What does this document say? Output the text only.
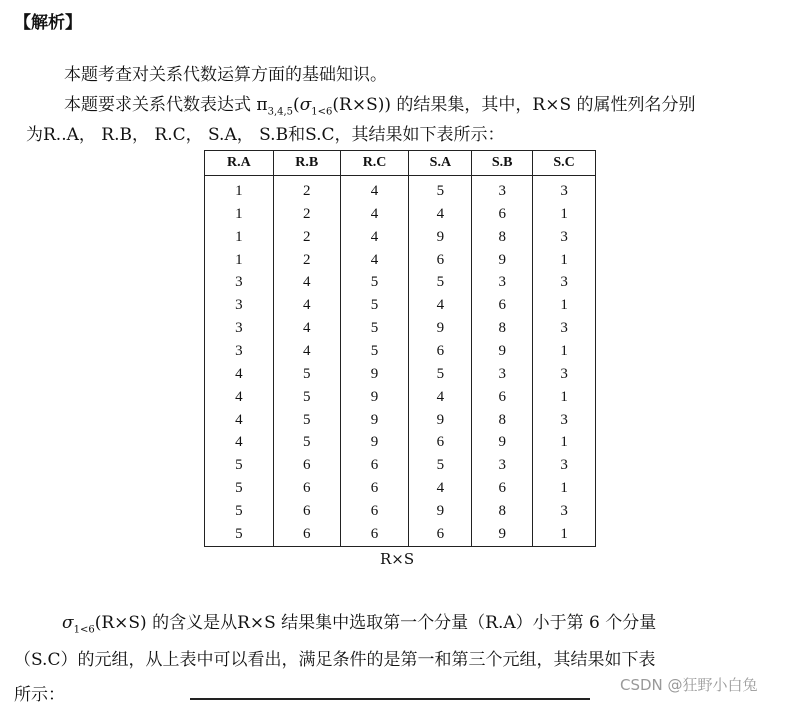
【解析】
本题考查对关系代数运算方面的基础知识。
本题要求关系代数表达式 $\pi_{3,4,5}(\sigma_{1<6}(R\times S))$ 的结果集，其中，R×S 的属性列名分别
为R..A， R.B， R.C， S.A， S.B和S.C，其结果如下表所示：
R.A	R.B	R.C	S.A	S.B	S.C
1	2	4	5	3	3
1	2	4	4	6	1
1	2	4	9	8	3
1	2	4	6	9	1
3	4	5	5	3	3
3	4	5	4	6	1
3	4	5	9	8	3
3	4	5	6	9	1
4	5	9	5	3	3
4	5	9	4	6	1
4	5	9	9	8	3
4	5	9	6	9	1
5	6	6	5	3	3
5	6	6	4	6	1
5	6	6	9	8	3
5	6	6	6	9	1
R×S
$\sigma_{1<6}(R\times S)$ 的含义是从R×S 结果集中选取第一个分量（R.A）小于第 6 个分量
（S.C）的元组，从上表中可以看出，满足条件的是第一和第三个元组，其结果如下表
所示：	CSDN @狂野小白兔
